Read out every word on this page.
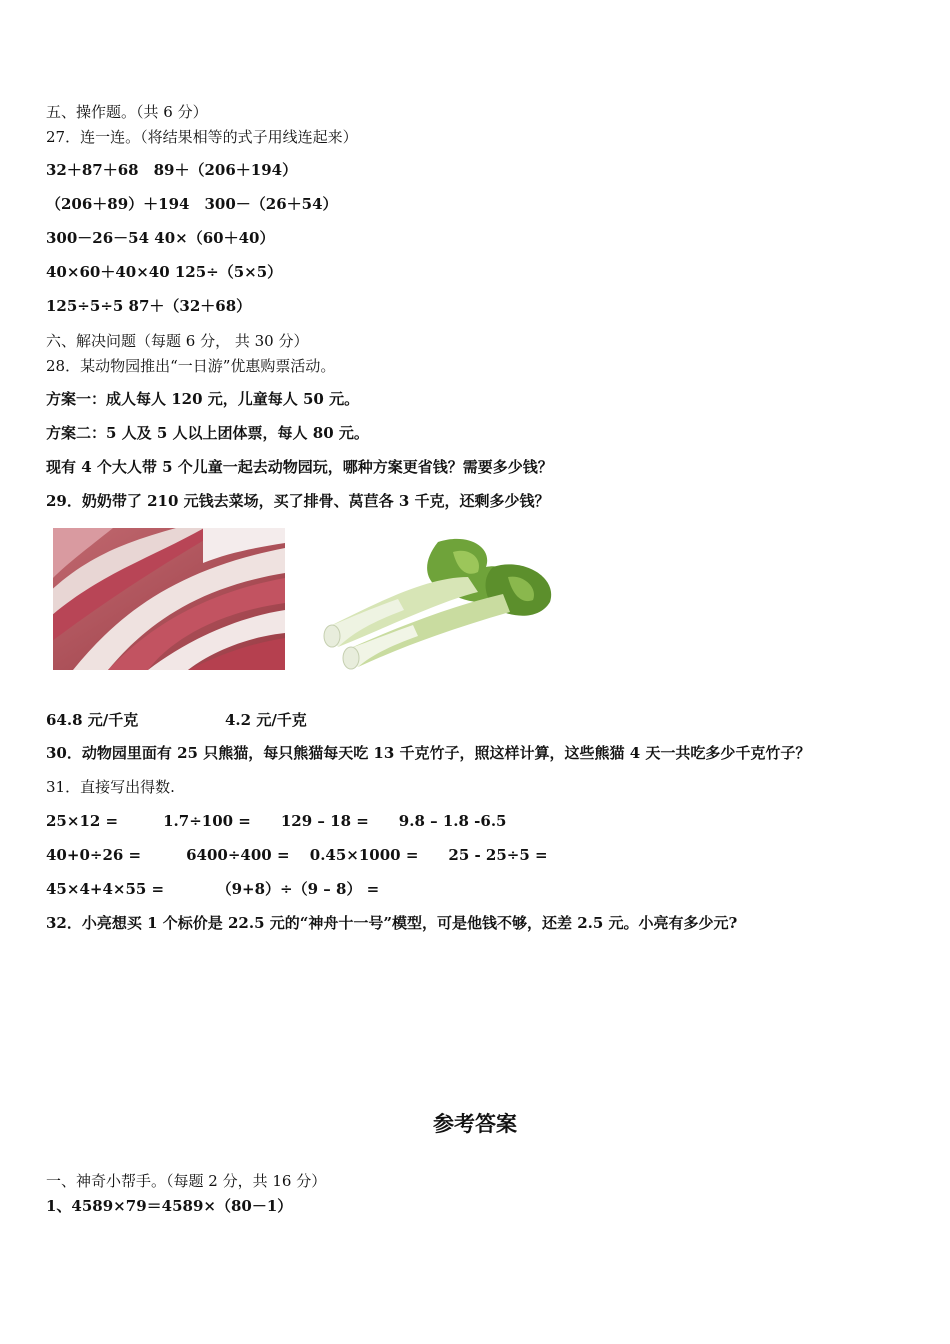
五、操作题。（共 6 分）
27．连一连。（将结果相等的式子用线连起来）
32＋87＋68　89＋（206＋194）
（206＋89）＋194　300－（26＋54）
300－26－54 40×（60＋40）
40×60＋40×40 125÷（5×5）
125÷5÷5 87＋（32＋68）
六、解决问题（每题 6 分， 共 30 分）
28．某动物园推出“一日游”优惠购票活动。
方案一：成人每人 120 元，儿童每人 50 元。
方案二：5 人及 5 人以上团体票，每人 80 元。
现有 4 个大人带 5 个儿童一起去动物园玩，哪种方案更省钱？需要多少钱？
29．奶奶带了 210 元钱去菜场，买了排骨、莴苣各 3 千克，还剩多少钱？
64.8 元/千克	4.2 元/千克
30．动物园里面有 25 只熊猫，每只熊猫每天吃 13 千克竹子，照这样计算，这些熊猫 4 天一共吃多少千克竹子？
31．直接写出得数.
25×12 =　　　1.7÷100 =　　129 – 18 =　　9.8 – 1.8 -6.5
40+0÷26 =　　　6400÷400 =　 0.45×1000 =　　25 - 25÷5 =
45×4+4×55 =　　　　（9+8）÷（9 – 8） =
32．小亮想买 1 个标价是 22.5 元的“神舟十一号”模型，可是他钱不够，还差 2.5 元。小亮有多少元?
参考答案
一、神奇小帮手。（每题 2 分，共 16 分）
1、4589×79＝4589×（80－1）
